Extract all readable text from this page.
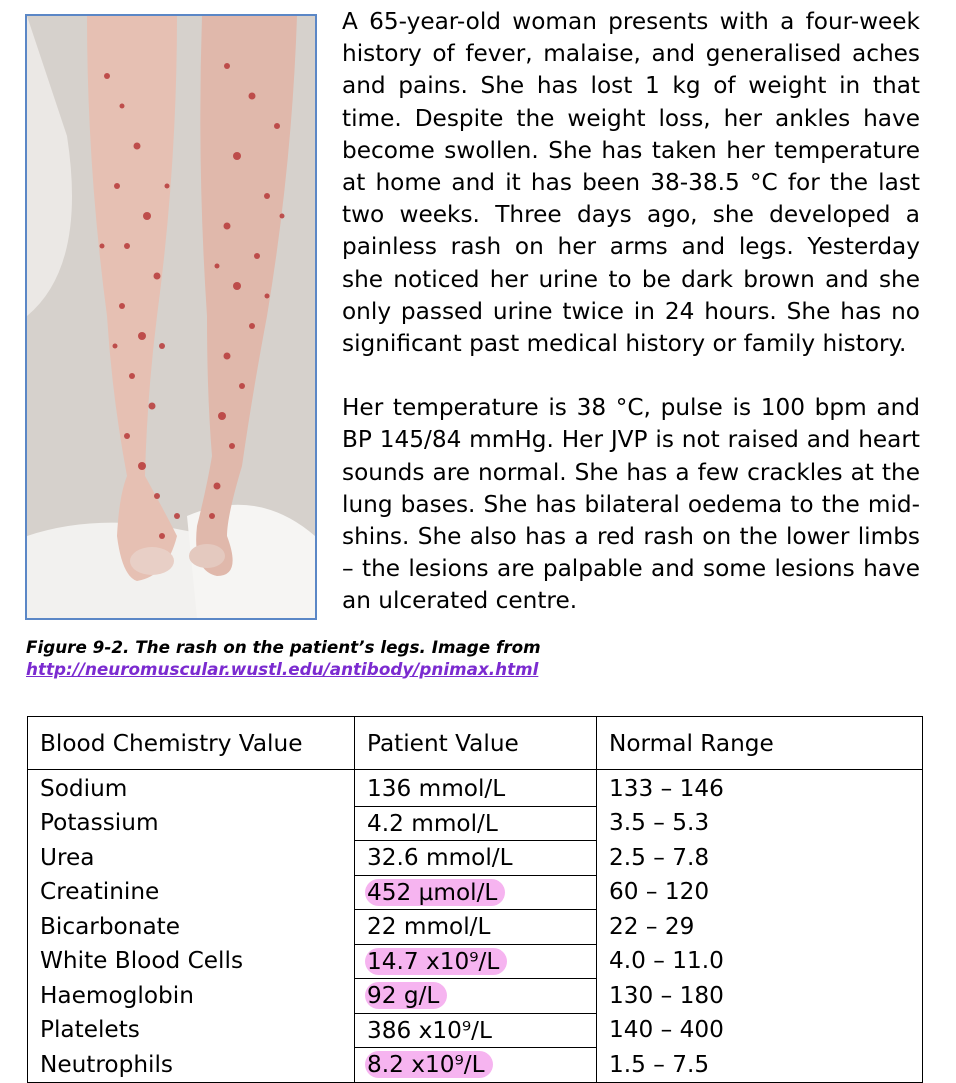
A 65-year-old woman presents with a four-week history of fever, malaise, and generalised aches and pains. She has lost 1 kg of weight in that time. Despite the weight loss, her ankles have become swollen. She has taken her temperature at home and it has been 38-38.5 °C for the last two weeks. Three days ago, she developed a painless rash on her arms and legs. Yesterday she noticed her urine to be dark brown and she only passed urine twice in 24 hours. She has no significant past medical history or family history.

Her temperature is 38 °C, pulse is 100 bpm and BP 145/84 mmHg. Her JVP is not raised and heart sounds are normal. She has a few crackles at the lung bases. She has bilateral oedema to the mid-shins. She also has a red rash on the lower limbs – the lesions are palpable and some lesions have an ulcerated centre.

Figure 9-2. The rash on the patient’s legs. Image from
http://neuromuscular.wustl.edu/antibody/pnimax.html
Blood Chemistry Value	Patient Value	Normal Range
Sodium	136 mmol/L	133 – 146
Potassium	4.2 mmol/L	3.5 – 5.3
Urea	32.6 mmol/L	2.5 – 7.8
Creatinine	452 µmol/L	60 – 120
Bicarbonate	22 mmol/L	22 – 29
White Blood Cells	14.7 x10⁹/L	4.0 – 11.0
Haemoglobin	92 g/L	130 – 180
Platelets	386 x10⁹/L	140 – 400
Neutrophils	8.2 x10⁹/L	1.5 – 7.5
